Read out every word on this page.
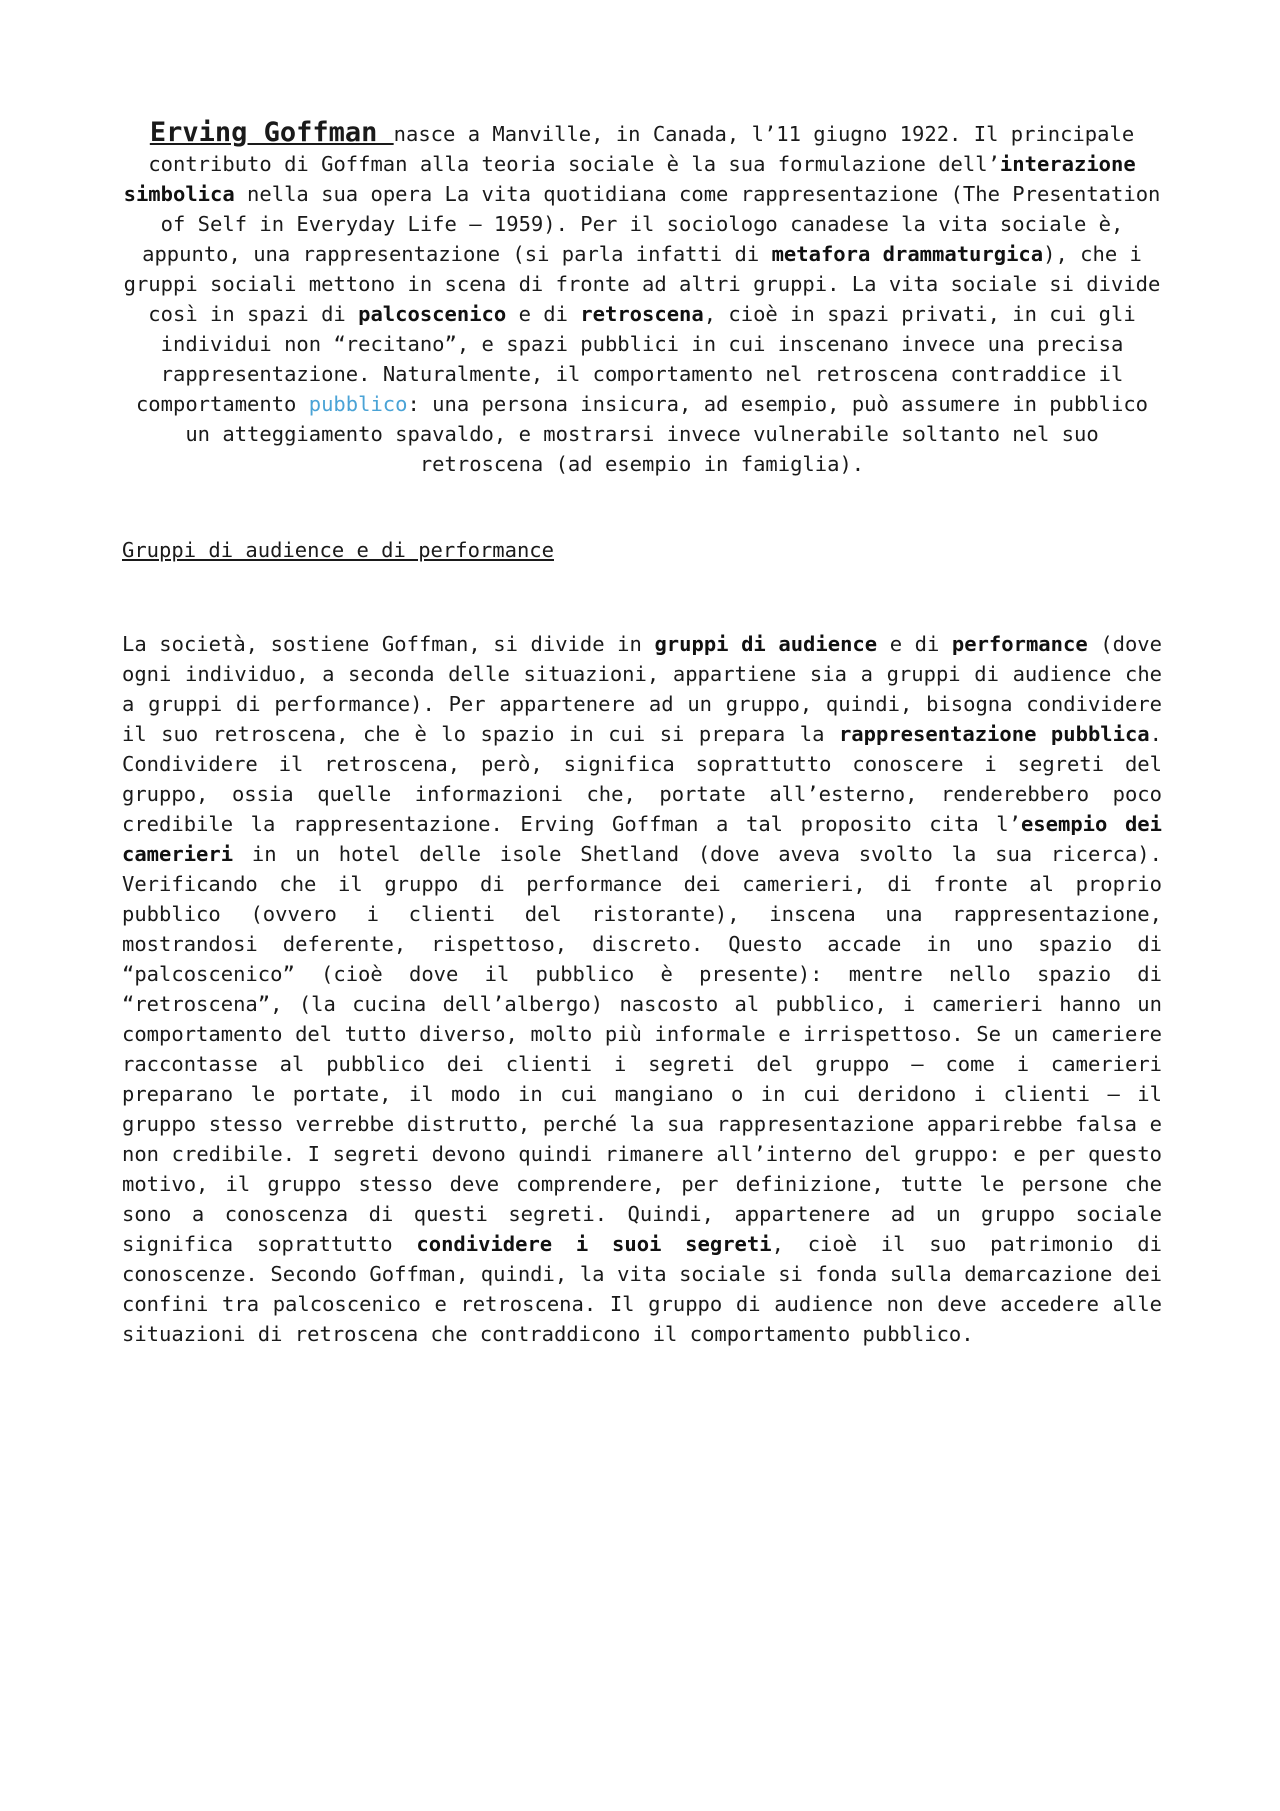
Erving Goffman nasce a Manville, in Canada, l’11 giugno 1922. Il principale contributo di Goffman alla teoria sociale è la sua formulazione dell’interazione simbolica nella sua opera La vita quotidiana come rappresentazione (The Presentation of Self in Everyday Life – 1959). Per il sociologo canadese la vita sociale è, appunto, una rappresentazione (si parla infatti di metafora drammaturgica), che i gruppi sociali mettono in scena di fronte ad altri gruppi. La vita sociale si divide così in spazi di palcoscenico e di retroscena, cioè in spazi privati, in cui gli individui non “recitano”, e spazi pubblici in cui inscenano invece una precisa rappresentazione. Naturalmente, il comportamento nel retroscena contraddice il comportamento pubblico: una persona insicura, ad esempio, può assumere in pubblico un atteggiamento spavaldo, e mostrarsi invece vulnerabile soltanto nel suo retroscena (ad esempio in famiglia).

Gruppi di audience e di performance

La società, sostiene Goffman, si divide in gruppi di audience e di performance (dove ogni individuo, a seconda delle situazioni, appartiene sia a gruppi di audience che a gruppi di performance). Per appartenere ad un gruppo, quindi, bisogna condividere il suo retroscena, che è lo spazio in cui si prepara la rappresentazione pubblica. Condividere il retroscena, però, significa soprattutto conoscere i segreti del gruppo, ossia quelle informazioni che, portate all’esterno, renderebbero poco credibile la rappresentazione. Erving Goffman a tal proposito cita l’esempio dei camerieri in un hotel delle isole Shetland (dove aveva svolto la sua ricerca). Verificando che il gruppo di performance dei camerieri, di fronte al proprio pubblico (ovvero i clienti del ristorante), inscena una rappresentazione, mostrandosi deferente, rispettoso, discreto. Questo accade in uno spazio di “palcoscenico” (cioè dove il pubblico è presente): mentre nello spazio di “retroscena”, (la cucina dell’albergo) nascosto al pubblico, i camerieri hanno un comportamento del tutto diverso, molto più informale e irrispettoso. Se un cameriere raccontasse al pubblico dei clienti i segreti del gruppo – come i camerieri preparano le portate, il modo in cui mangiano o in cui deridono i clienti – il gruppo stesso verrebbe distrutto, perché la sua rappresentazione apparirebbe falsa e non credibile. I segreti devono quindi rimanere all’interno del gruppo: e per questo motivo, il gruppo stesso deve comprendere, per definizione, tutte le persone che sono a conoscenza di questi segreti. Quindi, appartenere ad un gruppo sociale significa soprattutto condividere i suoi segreti, cioè il suo patrimonio di conoscenze. Secondo Goffman, quindi, la vita sociale si fonda sulla demarcazione dei confini tra palcoscenico e retroscena. Il gruppo di audience non deve accedere alle situazioni di retroscena che contraddicono il comportamento pubblico.
